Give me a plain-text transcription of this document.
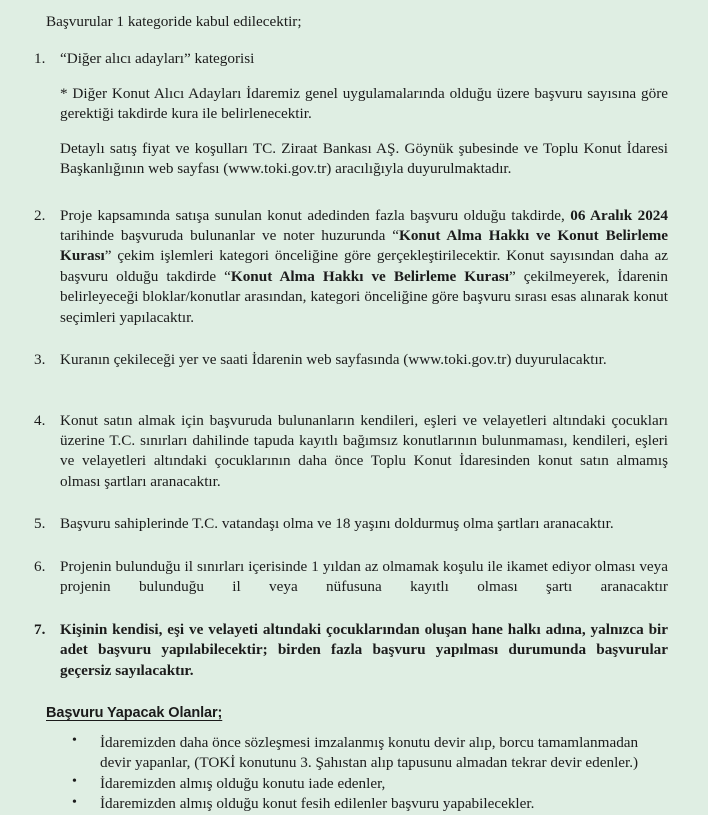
Başvurular 1 kategoride kabul edilecektir;

1. “Diğer alıcı adayları” kategorisi

* Diğer Konut Alıcı Adayları İdaremiz genel uygulamalarında olduğu üzere başvuru sayısına göre gerektiği takdirde kura ile belirlenecektir.

Detaylı satış fiyat ve koşulları TC. Ziraat Bankası AŞ. Göynük şubesinde ve Toplu Konut İdaresi Başkanlığının web sayfası (www.toki.gov.tr) aracılığıyla duyurulmaktadır.

2. Proje kapsamında satışa sunulan konut adedinden fazla başvuru olduğu takdirde, 06 Aralık 2024 tarihinde başvuruda bulunanlar ve noter huzurunda “Konut Alma Hakkı ve Konut Belirleme Kurası” çekim işlemleri kategori önceliğine göre gerçekleştirilecektir. Konut sayısından daha az başvuru olduğu takdirde “Konut Alma Hakkı ve Belirleme Kurası” çekilmeyerek, İdarenin belirleyeceği bloklar/konutlar arasından, kategori önceliğine göre başvuru sırası esas alınarak konut seçimleri yapılacaktır.
3. Kuranın çekileceği yer ve saati İdarenin web sayfasında (www.toki.gov.tr) duyurulacaktır.
4. Konut satın almak için başvuruda bulunanların kendileri, eşleri ve velayetleri altındaki çocukları üzerine T.C. sınırları dahilinde tapuda kayıtlı bağımsız konutlarının bulunmaması, kendileri, eşleri ve velayetleri altındaki çocuklarının daha önce Toplu Konut İdaresinden konut satın almamış olması şartları aranacaktır.
5. Başvuru sahiplerinde T.C. vatandaşı olma ve 18 yaşını doldurmuş olma şartları aranacaktır.
6. Projenin bulunduğu il sınırları içerisinde 1 yıldan az olmamak koşulu ile ikamet ediyor olması veya projenin bulunduğu il veya nüfusuna kayıtlı olması şartı aranacaktır
7. Kişinin kendisi, eşi ve velayeti altındaki çocuklarından oluşan hane halkı adına, yalnızca bir adet başvuru yapılabilecektir; birden fazla başvuru yapılması durumunda başvurular geçersiz sayılacaktır.
Başvuru Yapacak Olanlar;
• İdaremizden daha önce sözleşmesi imzalanmış konutu devir alıp, borcu tamamlanmadan devir yapanlar, (TOKİ konutunu 3. Şahıstan alıp tapusunu almadan tekrar devir edenler.)
• İdaremizden almış olduğu konutu iade edenler,
• İdaremizden almış olduğu konut fesih edilenler başvuru yapabilecekler.
